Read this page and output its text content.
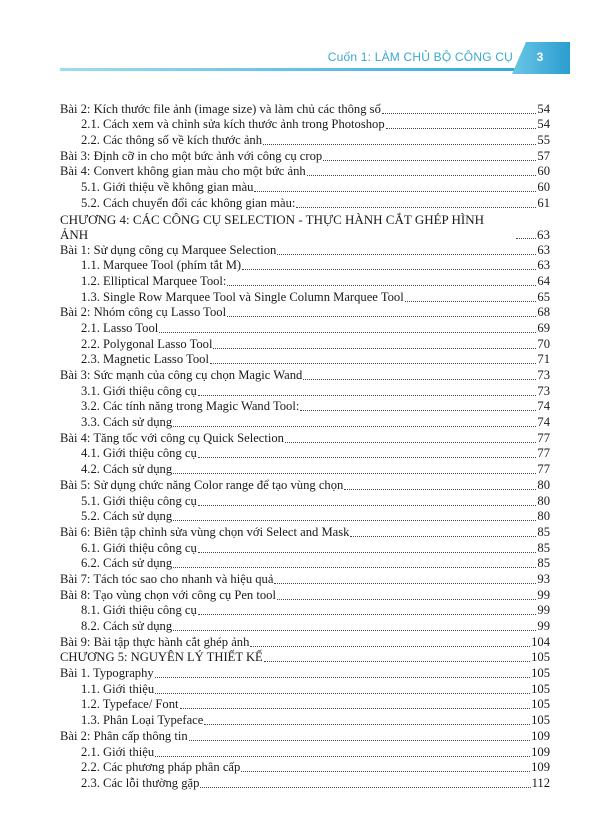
Cuốn 1: LÀM CHỦ BỘ CÔNG CỤ	3
Bài 2: Kích thước file ảnh (image size) và làm chủ các thông số	54
2.1. Cách xem và chỉnh sửa kích thước ảnh trong Photoshop	54
2.2. Các thông số về kích thước ảnh	55
Bài 3: Định cỡ in cho một bức ảnh với công cụ crop	57
Bài 4: Convert không gian màu cho một bức ảnh	60
5.1. Giới thiệu về không gian màu	60
5.2. Cách chuyển đổi các không gian màu:	61
CHƯƠNG 4: CÁC CÔNG CỤ SELECTION - THỰC HÀNH CẮT GHÉP HÌNH ẢNH	63
Bài 1: Sử dụng công cụ Marquee Selection	63
1.1. Marquee Tool (phím tắt M)	63
1.2. Elliptical Marquee Tool:	64
1.3. Single Row Marquee Tool và Single Column Marquee Tool	65
Bài 2: Nhóm công cụ Lasso Tool	68
2.1. Lasso Tool	69
2.2. Polygonal Lasso Tool	70
2.3. Magnetic Lasso Tool	71
Bài 3: Sức mạnh của công cụ chọn Magic Wand	73
3.1. Giới thiệu công cụ	73
3.2. Các tính năng trong Magic Wand Tool:	74
3.3. Cách sử dụng	74
Bài 4: Tăng tốc với công cụ Quick Selection	77
4.1. Giới thiệu công cụ	77
4.2. Cách sử dụng	77
Bài 5: Sử dụng chức năng Color range để tạo vùng chọn	80
5.1. Giới thiệu công cụ	80
5.2. Cách sử dụng	80
Bài 6: Biên tập chỉnh sửa vùng chọn với Select and Mask	85
6.1. Giới thiệu công cụ	85
6.2. Cách sử dụng	85
Bài 7: Tách tóc sao cho nhanh và hiệu quả	93
Bài 8: Tạo vùng chọn với công cụ Pen tool	99
8.1. Giới thiệu công cụ	99
8.2. Cách sử dụng	99
Bài 9: Bài tập thực hành cắt ghép ảnh	104
CHƯƠNG 5: NGUYÊN LÝ THIẾT KẾ	105
Bài 1. Typography	105
1.1. Giới thiệu	105
1.2. Typeface/ Font	105
1.3. Phân Loại Typeface	105
Bài 2: Phân cấp thông tin	109
2.1. Giới thiệu	109
2.2. Các phương pháp phân cấp	109
2.3. Các lỗi thường gặp	112
